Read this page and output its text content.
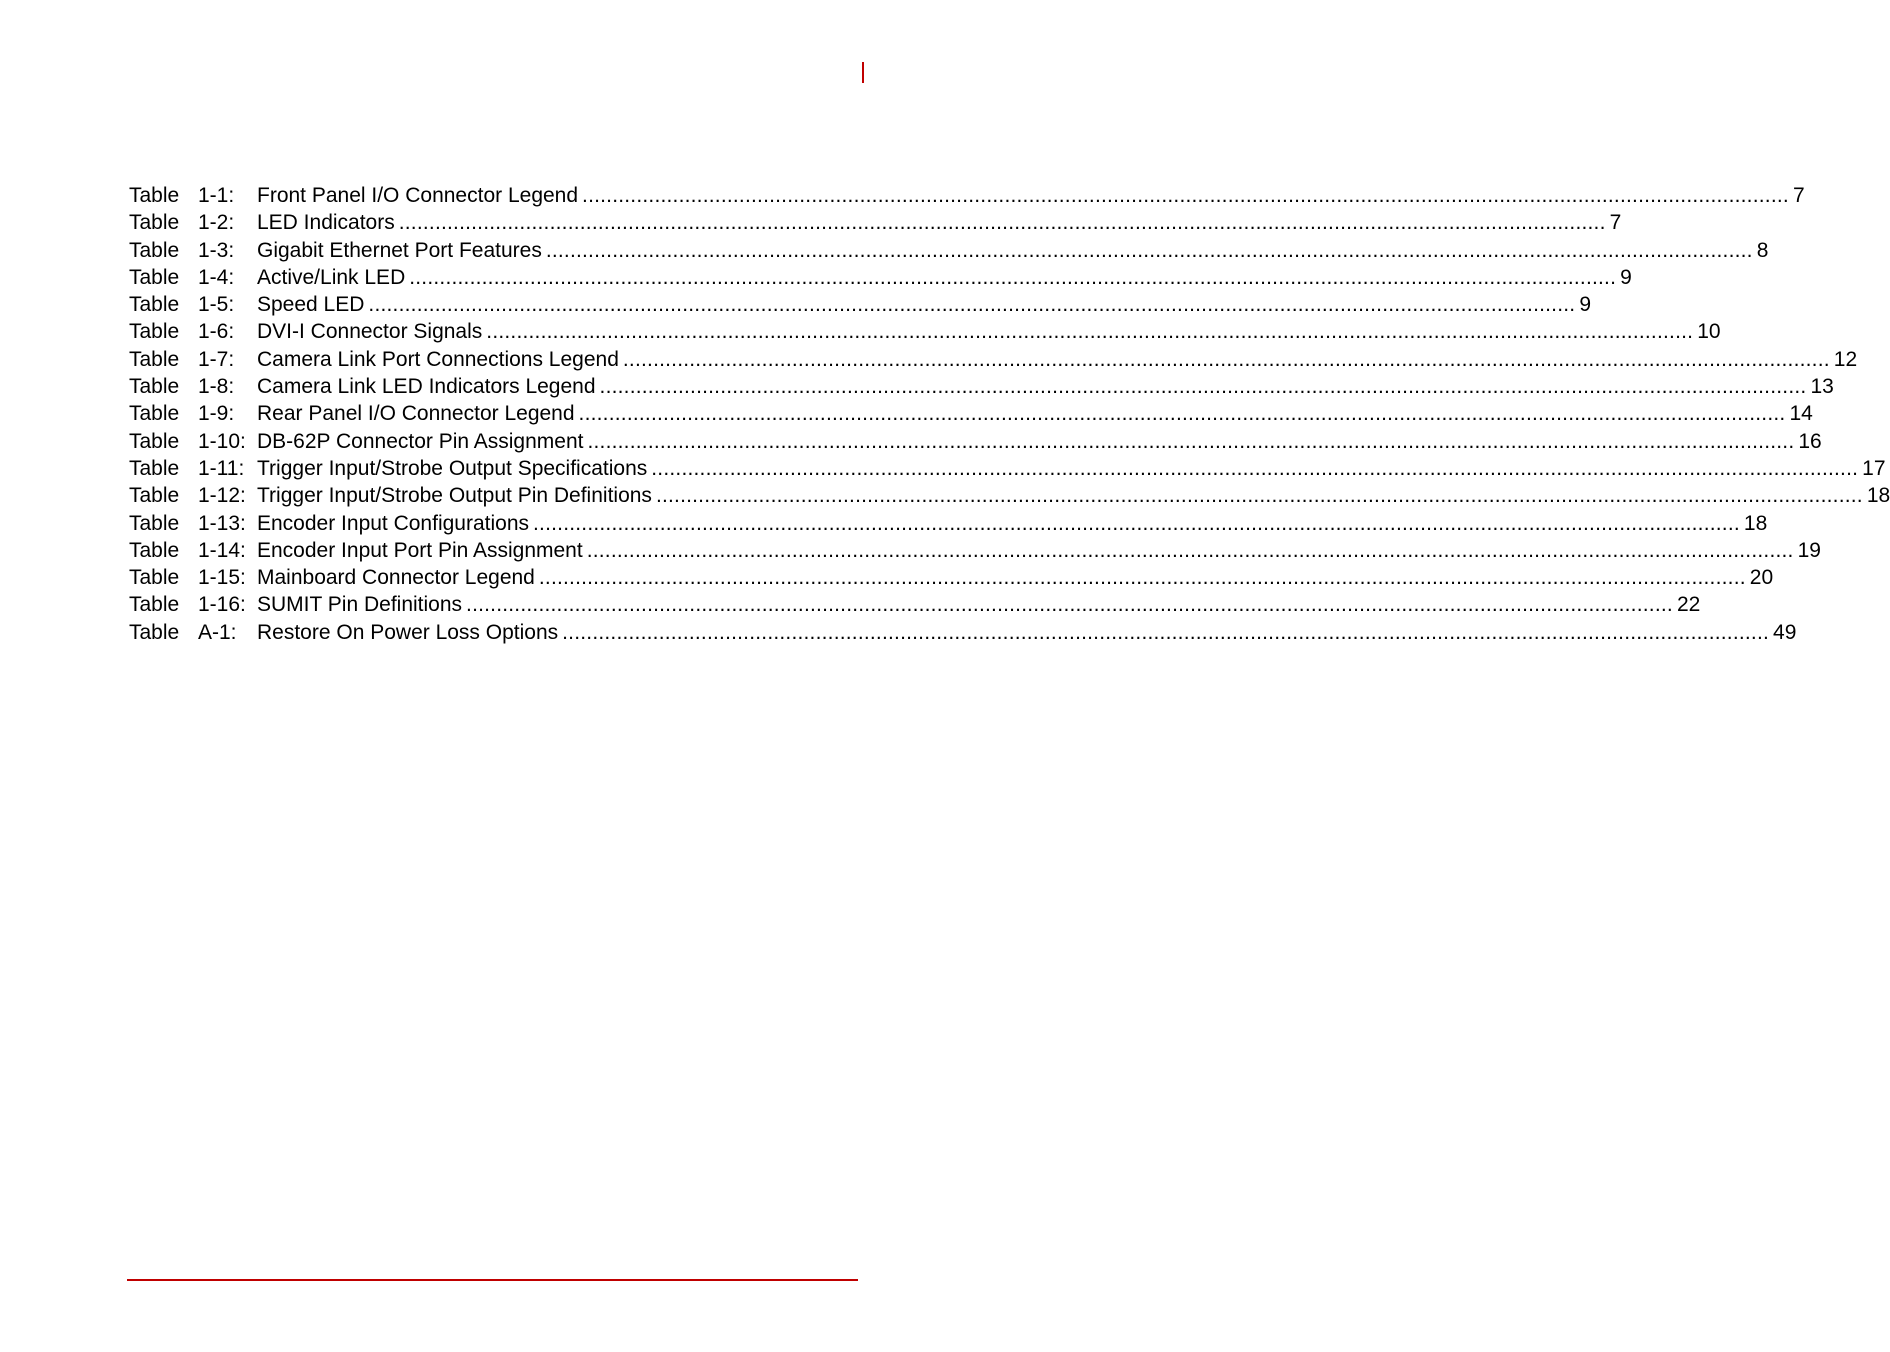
Table 1-1: Front Panel I/O Connector Legend ........................................................................................................................................................................................................ 7
Table 1-2: LED Indicators ........................................................................................................................................................................................................ 7
Table 1-3: Gigabit Ethernet Port Features ........................................................................................................................................................................................................ 8
Table 1-4: Active/Link LED ........................................................................................................................................................................................................ 9
Table 1-5: Speed LED ........................................................................................................................................................................................................ 9
Table 1-6: DVI-I Connector Signals ........................................................................................................................................................................................................ 10
Table 1-7: Camera Link Port Connections Legend ........................................................................................................................................................................................................ 12
Table 1-8: Camera Link LED Indicators Legend ........................................................................................................................................................................................................ 13
Table 1-9: Rear Panel I/O Connector Legend ........................................................................................................................................................................................................ 14
Table 1-10: DB-62P Connector Pin Assignment ........................................................................................................................................................................................................ 16
Table 1-11: Trigger Input/Strobe Output Specifications ........................................................................................................................................................................................................ 17
Table 1-12: Trigger Input/Strobe Output Pin Definitions ........................................................................................................................................................................................................ 18
Table 1-13: Encoder Input Configurations ........................................................................................................................................................................................................ 18
Table 1-14: Encoder Input Port Pin Assignment ........................................................................................................................................................................................................ 19
Table 1-15: Mainboard Connector Legend ........................................................................................................................................................................................................ 20
Table 1-16: SUMIT Pin Definitions ........................................................................................................................................................................................................ 22
Table A-1: Restore On Power Loss Options ........................................................................................................................................................................................................ 49
